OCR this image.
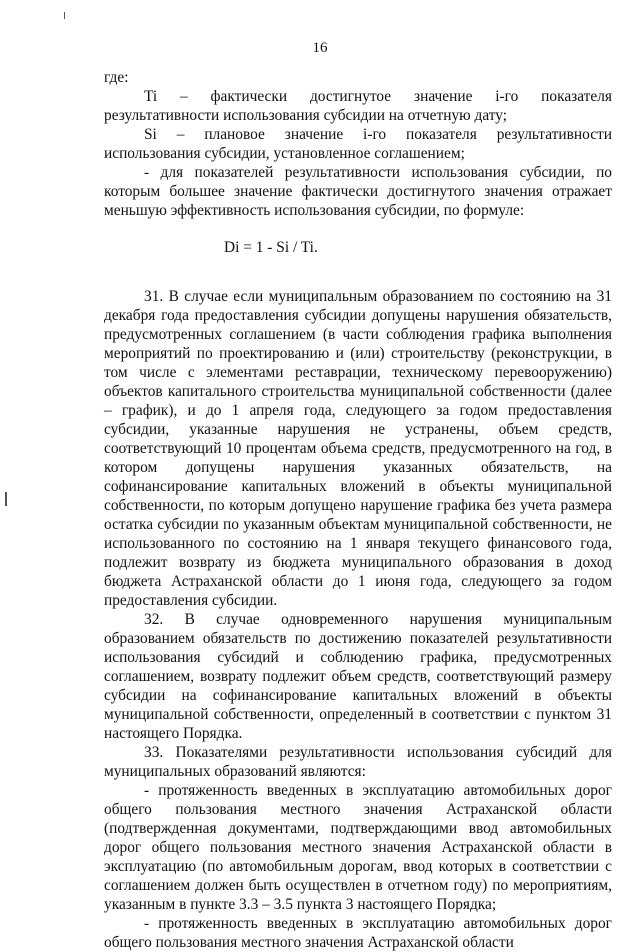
16

где:

Ti – фактически достигнутое значение i-го показателя результативности использования субсидии на отчетную дату;

Si – плановое значение i-го показателя результативности использования субсидии, установленное соглашением;

- для показателей результативности использования субсидии, по которым большее значение фактически достигнутого значения отражает меньшую эффективность использования субсидии, по формуле:

Di = 1 - Si / Ti.

31. В случае если муниципальным образованием по состоянию на 31 декабря года предоставления субсидии допущены нарушения обязательств, предусмотренных соглашением (в части соблюдения графика выполнения мероприятий по проектированию и (или) строительству (реконструкции, в том числе с элементами реставрации, техническому перевооружению) объектов капитального строительства муниципальной собственности (далее – график), и до 1 апреля года, следующего за годом предоставления субсидии, указанные нарушения не устранены, объем средств, соответствующий 10 процентам объема средств, предусмотренного на год, в котором допущены нарушения указанных обязательств, на софинансирование капитальных вложений в объекты муниципальной собственности, по которым допущено нарушение графика без учета размера остатка субсидии по указанным объектам муниципальной собственности, не использованного по состоянию на 1 января текущего финансового года, подлежит возврату из бюджета муниципального образования в доход бюджета Астраханской области до 1 июня года, следующего за годом предоставления субсидии.

32. В случае одновременного нарушения муниципальным образованием обязательств по достижению показателей результативности использования субсидий и соблюдению графика, предусмотренных соглашением, возврату подлежит объем средств, соответствующий размеру субсидии на софинансирование капитальных вложений в объекты муниципальной собственности, определенный в соответствии с пунктом 31 настоящего Порядка.

33. Показателями результативности использования субсидий для муниципальных образований являются:

- протяженность введенных в эксплуатацию автомобильных дорог общего пользования местного значения Астраханской области (подтвержденная документами, подтверждающими ввод автомобильных дорог общего пользования местного значения Астраханской области в эксплуатацию (по автомобильным дорогам, ввод которых в соответствии с соглашением должен быть осуществлен в отчетном году) по мероприятиям, указанным в пункте 3.3 – 3.5 пункта 3 настоящего Порядка;

- протяженность введенных в эксплуатацию автомобильных дорог общего пользования местного значения Астраханской области
